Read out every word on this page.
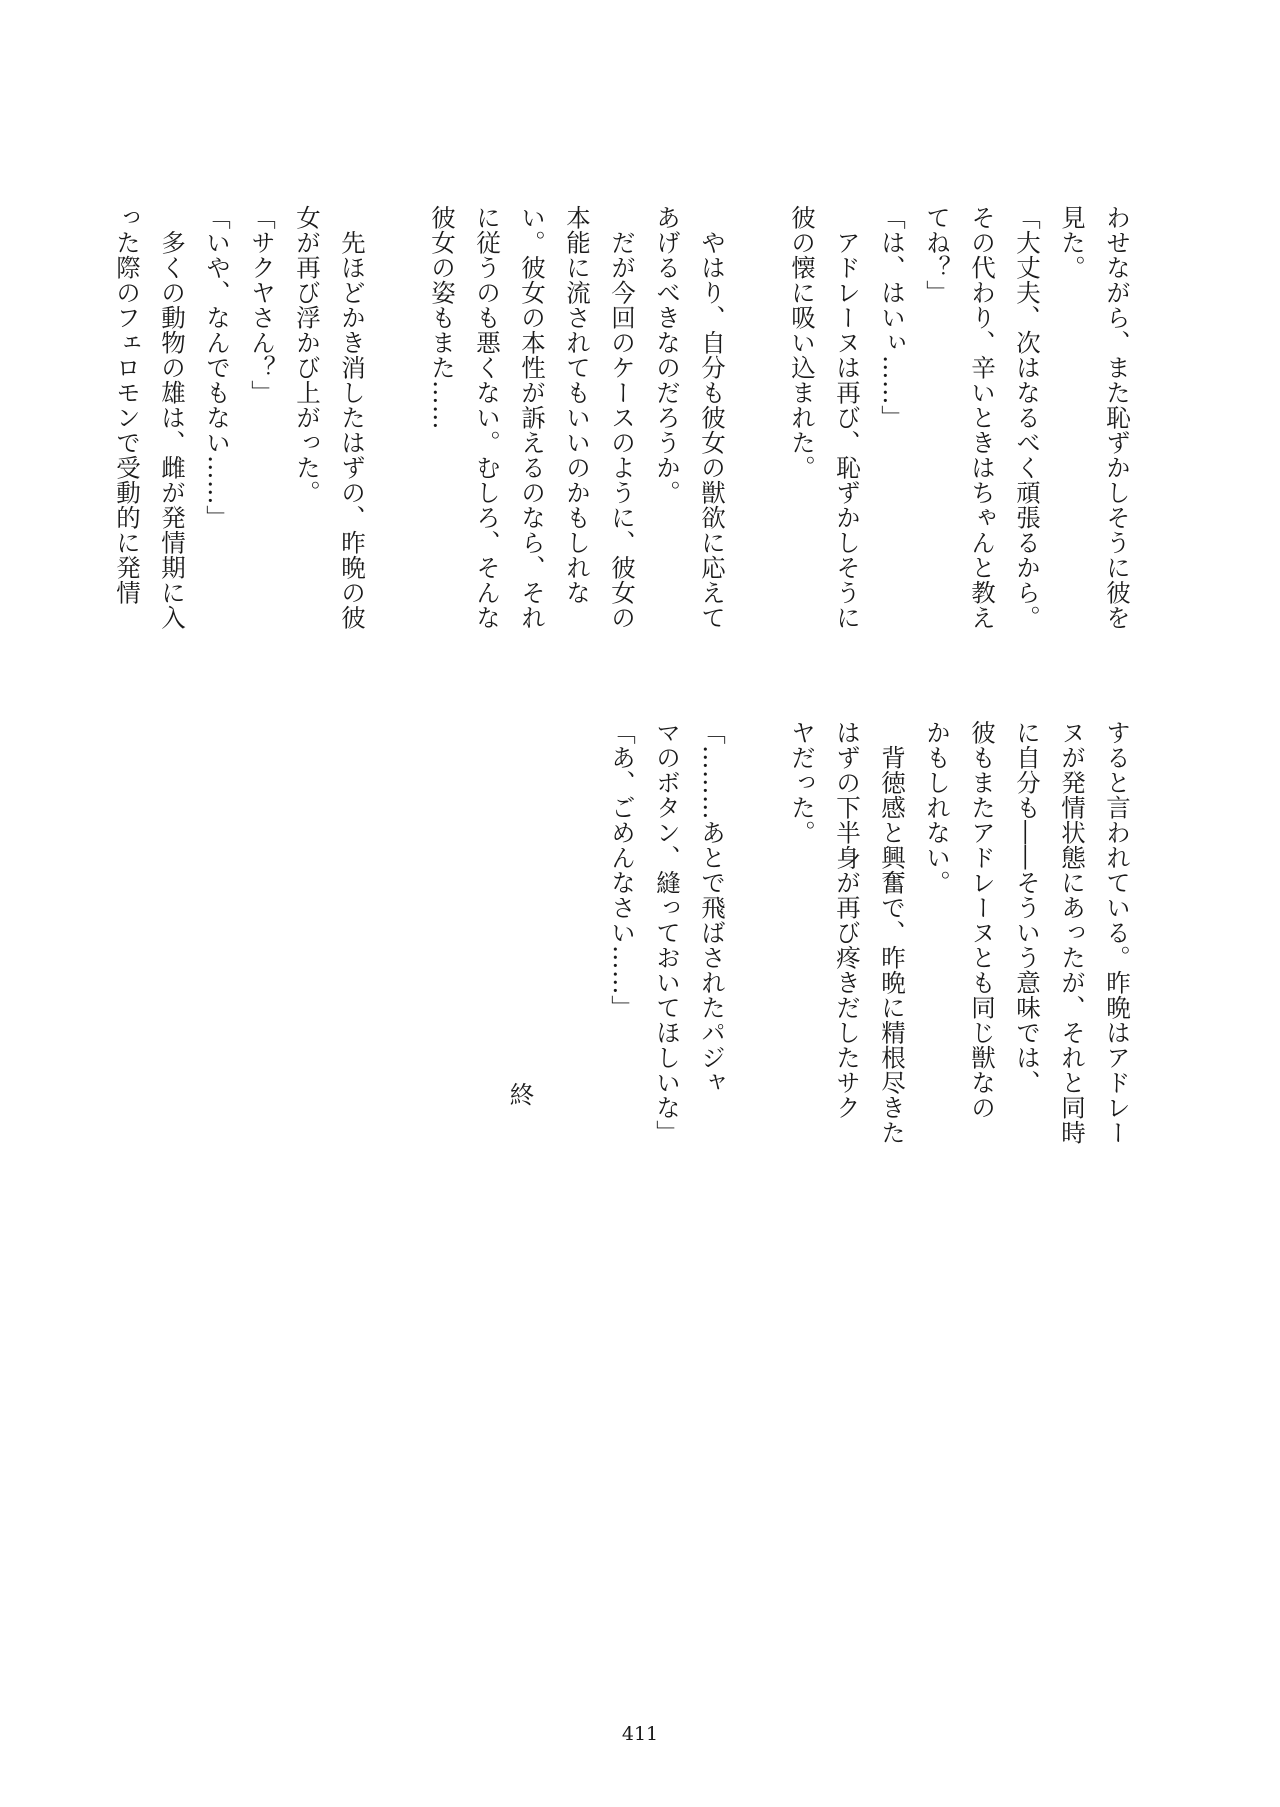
わせながら、また恥ずかしそうに彼を
見た。
「大丈夫、次はなるべく頑張るから。
その代わり、辛いときはちゃんと教え
てね？」
「は、はいぃ……」
　アドレーヌは再び、恥ずかしそうに
彼の懐に吸い込まれた。

　やはり、自分も彼女の獣欲に応えて
あげるべきなのだろうか。
　だが今回のケースのように、彼女の
本能に流されてもいいのかもしれな
い。彼女の本性が訴えるのなら、それ
に従うのも悪くない。むしろ、そんな
彼女の姿もまた……

　先ほどかき消したはずの、昨晩の彼
女が再び浮かび上がった。
「サクヤさん？」
「いや、なんでもない……」
　多くの動物の雄は、雌が発情期に入
った際のフェロモンで受動的に発情
すると言われている。昨晩はアドレー
ヌが発情状態にあったが、それと同時
に自分も――そういう意味では、
彼もまたアドレーヌとも同じ獣なの
かもしれない。
　背徳感と興奮で、昨晩に精根尽きた
はずの下半身が再び疼きだしたサク
ヤだった。

「………あとで飛ばされたパジャ
マのボタン、縫っておいてほしいな」
「あ、ごめんなさい……」
終
411
